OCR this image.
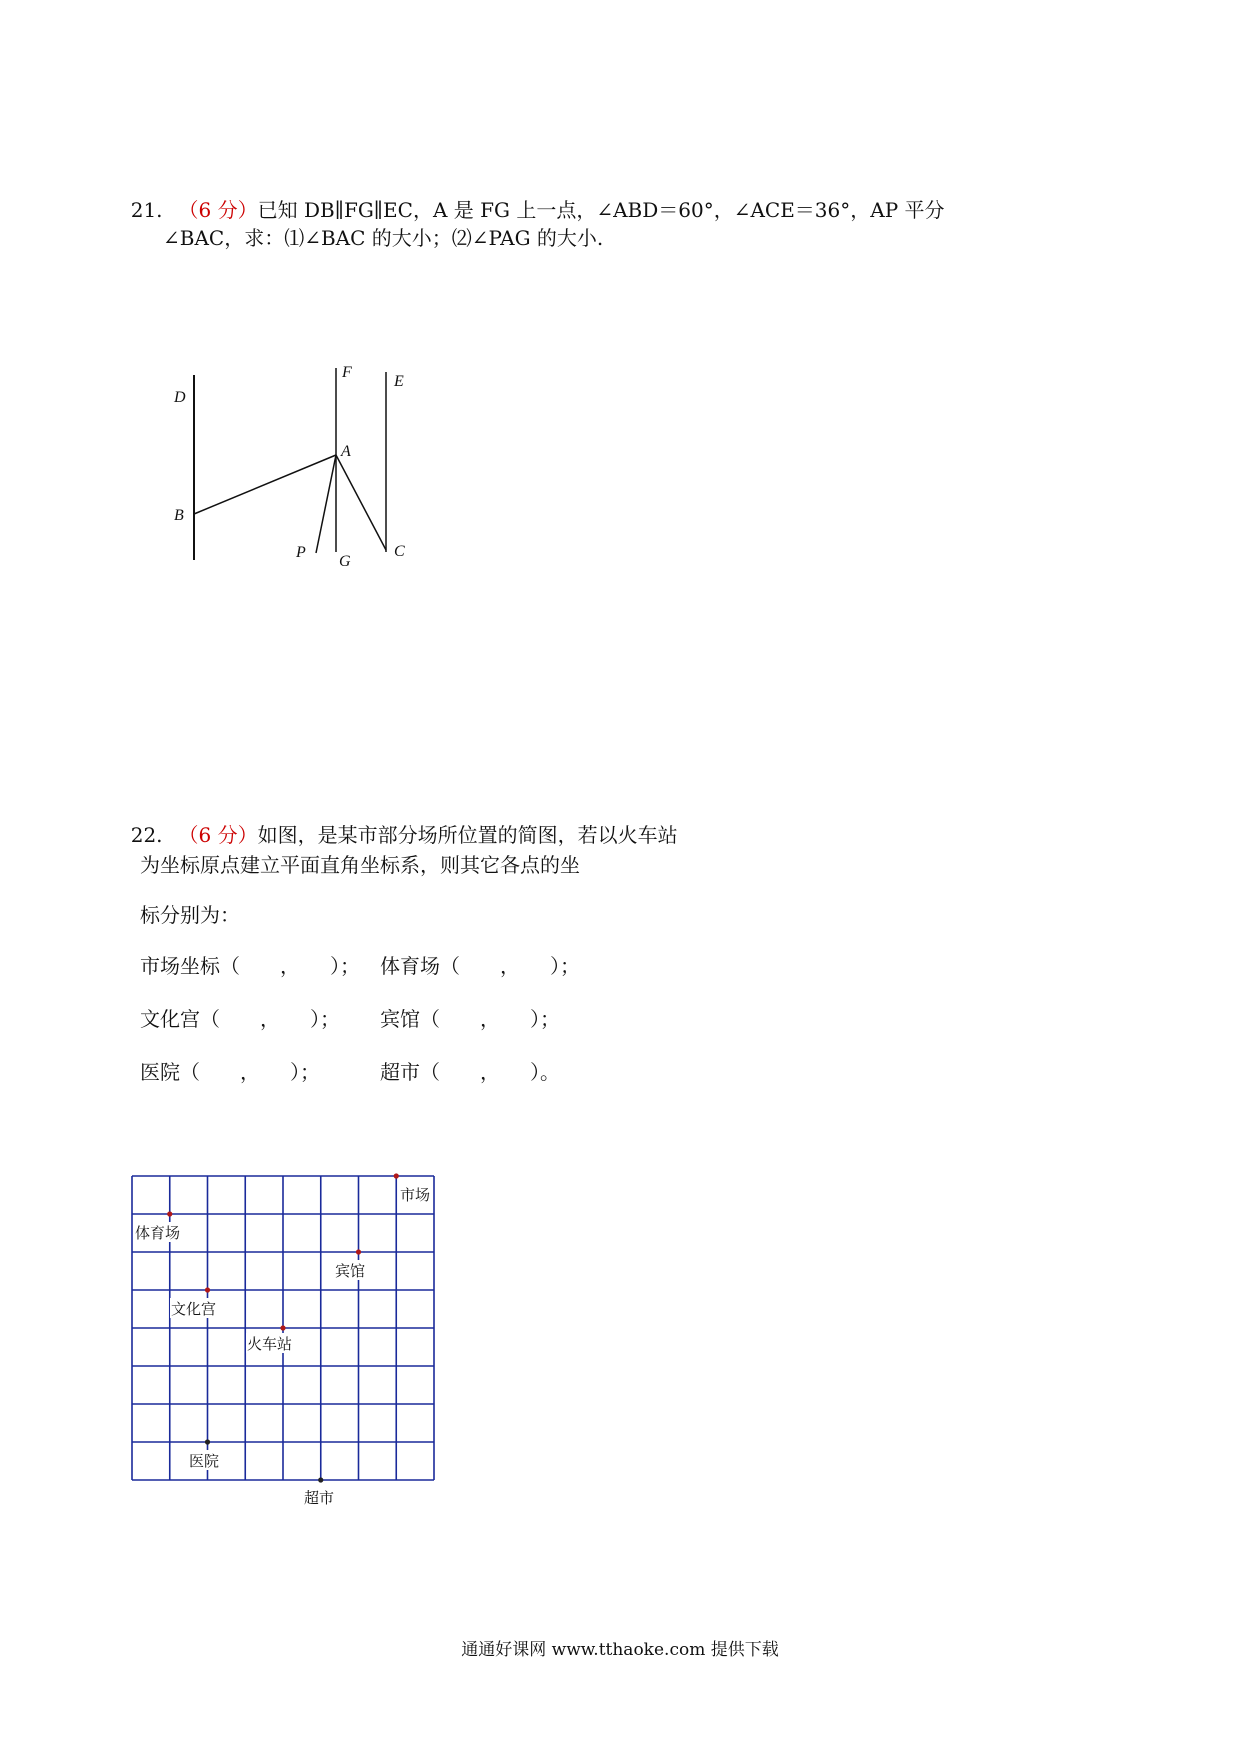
21. （6 分）已知 DB∥FG∥EC，A 是 FG 上一点，∠ABD＝60°，∠ACE＝36°，AP 平分

∠BAC，求：⑴∠BAC 的大小；⑵∠PAG 的大小.
D
F
E
A
B
P
G
C

22. （6 分）如图，是某市部分场所位置的简图，若以火车站

为坐标原点建立平面直角坐标系，则其它各点的坐
标分别为：
市场坐标（　　，　　）； 体育场（　　，　　）；
文化宫（　　，　　）； 宾馆（　　，　　）；
医院（　　，　　）；	超市（　　，　　）。
市场
体育场
宾馆
文化宫
火车站
医院
超市
通通好课网 www.tthaoke.com 提供下载
